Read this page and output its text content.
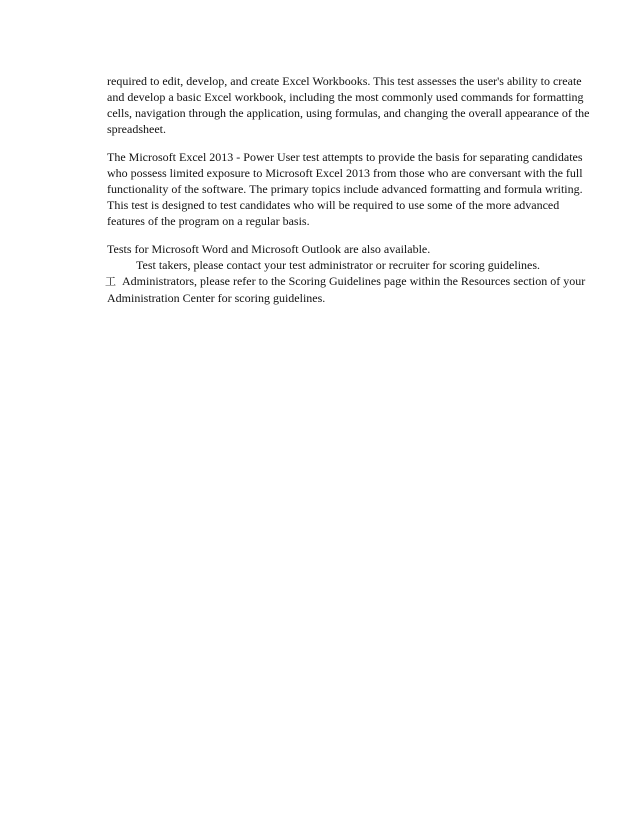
required to edit, develop, and create Excel Workbooks. This test assesses the user's ability to create
and develop a basic Excel workbook, including the most commonly used commands for formatting
cells, navigation through the application, using formulas, and changing the overall appearance of the
spreadsheet.

The Microsoft Excel 2013 - Power User test attempts to provide the basis for separating candidates
who possess limited exposure to Microsoft Excel 2013 from those who are conversant with the full
functionality of the software. The primary topics include advanced formatting and formula writing.
This test is designed to test candidates who will be required to use some of the more advanced
features of the program on a regular basis.

Tests for Microsoft Word and Microsoft Outlook are also available.

Test takers, please contact your test administrator or recruiter for scoring guidelines.
工 Administrators, please refer to the Scoring Guidelines page within the Resources section of your
Administration Center for scoring guidelines.
